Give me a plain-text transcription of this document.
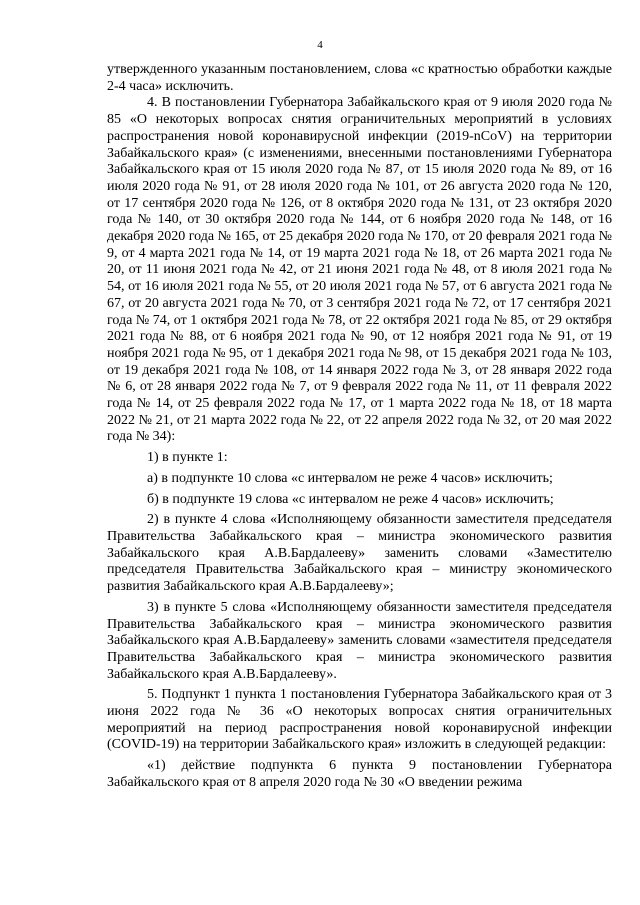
4

утвержденного указанным постановлением, слова «с кратностью обработки каждые 2-4 часа» исключить.

4. В постановлении Губернатора Забайкальского края от 9 июля 2020 года № 85 «О некоторых вопросах снятия ограничительных мероприятий в условиях распространения новой коронавирусной инфекции (2019-nCoV) на территории Забайкальского края» (с изменениями, внесенными постановлениями Губернатора Забайкальского края от 15 июля 2020 года № 87, от 15 июля 2020 года № 89, от 16 июля 2020 года № 91, от 28 июля 2020 года № 101, от 26 августа 2020 года № 120, от 17 сентября 2020 года № 126, от 8 октября 2020 года № 131, от 23 октября 2020 года № 140, от 30 октября 2020 года № 144, от 6 ноября 2020 года № 148, от 16 декабря 2020 года № 165, от 25 декабря 2020 года № 170, от 20 февраля 2021 года № 9, от 4 марта 2021 года № 14, от 19 марта 2021 года № 18, от 26 марта 2021 года № 20, от 11 июня 2021 года № 42, от 21 июня 2021 года № 48, от 8 июля 2021 года № 54, от 16 июля 2021 года № 55, от 20 июля 2021 года № 57, от 6 августа 2021 года № 67, от 20 августа 2021 года № 70, от 3 сентября 2021 года № 72, от 17 сентября 2021 года № 74, от 1 октября 2021 года № 78, от 22 октября 2021 года № 85, от 29 октября 2021 года № 88, от 6 ноября 2021 года № 90, от 12 ноября 2021 года № 91, от 19 ноября 2021 года № 95, от 1 декабря 2021 года № 98, от 15 декабря 2021 года № 103, от 19 декабря 2021 года № 108, от 14 января 2022 года № 3, от 28 января 2022 года № 6, от 28 января 2022 года № 7, от 9 февраля 2022 года № 11, от 11 февраля 2022 года № 14, от 25 февраля 2022 года № 17, от 1 марта 2022 года № 18, от 18 марта 2022 № 21, от 21 марта 2022 года № 22, от 22 апреля 2022 года № 32, от 20 мая 2022 года № 34):

1) в пункте 1:

а) в подпункте 10 слова «с интервалом не реже 4 часов» исключить;

б) в подпункте 19 слова «с интервалом не реже 4 часов» исключить;

2) в пункте 4 слова «Исполняющему обязанности заместителя председателя Правительства Забайкальского края – министра экономического развития Забайкальского края А.В.Бардалееву» заменить словами «Заместителю председателя Правительства Забайкальского края – министру экономического развития Забайкальского края А.В.Бардалееву»;

3) в пункте 5 слова «Исполняющему обязанности заместителя председателя Правительства Забайкальского края – министра экономического развития Забайкальского края А.В.Бардалееву» заменить словами «заместителя председателя Правительства Забайкальского края – министра экономического развития Забайкальского края А.В.Бардалееву».

5. Подпункт 1 пункта 1 постановления Губернатора Забайкальского края от 3 июня 2022 года № 36 «О некоторых вопросах снятия ограничительных мероприятий на период распространения новой коронавирусной инфекции (COVID-19) на территории Забайкальского края» изложить в следующей редакции:

«1) действие подпункта 6 пункта 9 постановлении Губернатора Забайкальского края от 8 апреля 2020 года № 30 «О введении режима
